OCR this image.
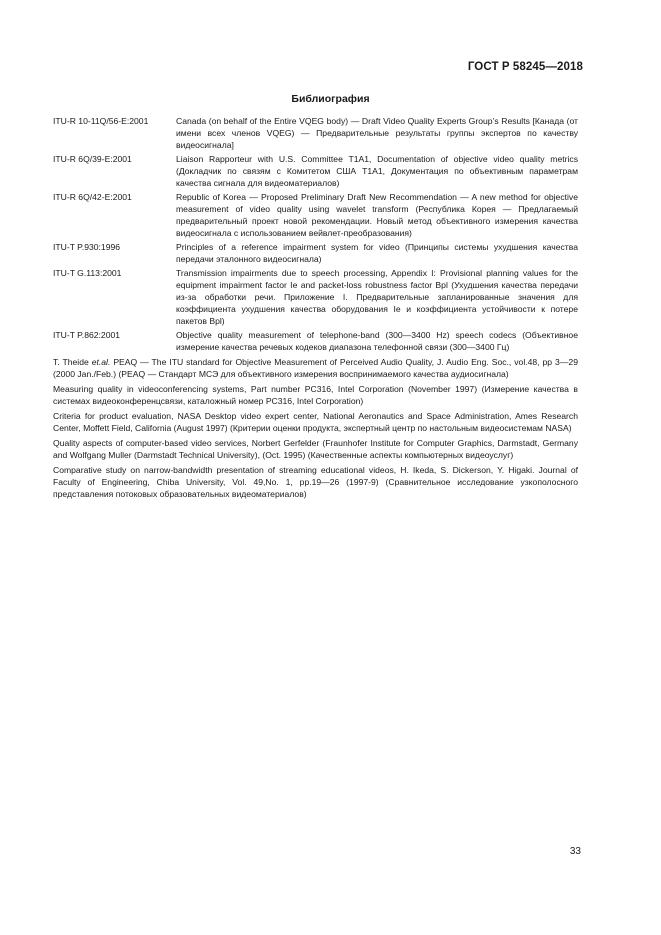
ГОСТ Р 58245—2018
Библиография
ITU-R 10-11Q/56-E:2001	Canada (on behalf of the Entire VQEG body) — Draft Video Quality Experts Group’s Results [Канада (от имени всех членов VQEG) — Предварительные результаты группы экспертов по качеству видеосигнала]
ITU-R 6Q/39-E:2001	Liaison Rapporteur with U.S. Committee T1A1, Documentation of objective video quality metrics (Докладчик по связям с Комитетом США T1A1, Документация по объективным параметрам качества сигнала для видеоматериалов)
ITU-R 6Q/42-E:2001	Republic of Korea — Proposed Preliminary Draft New Recommendation — A new method for objective measurement of video quality using wavelet transform (Республика Корея — Предлагаемый предварительный проект новой рекомендации. Новый метод объективного измерения качества видеосигнала с использованием вейвлет-преобразования)
ITU-T P.930:1996	Principles of a reference impairment system for video (Принципы системы ухудшения качества передачи эталонного видеосигнала)
ITU-T G.113:2001	Transmission impairments due to speech processing, Appendix I: Provisional planning values for the equipment impairment factor Ie and packet-loss robustness factor Bpl (Ухудшения качества передачи из-за обработки речи. Приложение I. Предварительные запланированные значения для коэффициента ухудшения качества оборудования Ie и коэффициента устойчивости к потере пакетов Bpl)
ITU-T P.862:2001	Objective quality measurement of telephone-band (300—3400 Hz) speech codecs (Объективное измерение качества речевых кодеков диапазона телефонной связи (300—3400 Гц)
T. Theide et.al. PEAQ — The ITU standard for Objective Measurement of Perceived Audio Quality, J. Audio Eng. Soc., vol.48, pp 3—29 (2000 Jan./Feb.) (PEAQ — Стандарт МСЭ для объективного измерения воспринимаемого качества аудиосигнала)
Measuring quality in videoconferencing systems, Part number PC316, Intel Corporation (November 1997) (Измерение качества в системах видеоконференцсвязи, каталожный номер PC316, Intel Corporation)
Criteria for product evaluation, NASA Desktop video expert center, National Aeronautics and Space Administration, Ames Research Center, Moffett Field, California (August 1997) (Критерии оценки продукта, экспертный центр по настольным видеосистемам NASA)
Quality aspects of computer-based video services, Norbert Gerfelder (Fraunhofer Institute for Computer Graphics, Darmstadt, Germany and Wolfgang Muller (Darmstadt Technical University), (Oct. 1995) (Качественные аспекты компьютерных видеоуслуг)
Comparative study on narrow-bandwidth presentation of streaming educational videos, H. Ikeda, S. Dickerson, Y. Higaki. Journal of Faculty of Engineering, Chiba University, Vol. 49,No. 1, pp.19—26 (1997-9) (Сравнительное исследование узкополосного представления потоковых образовательных видеоматериалов)
33
